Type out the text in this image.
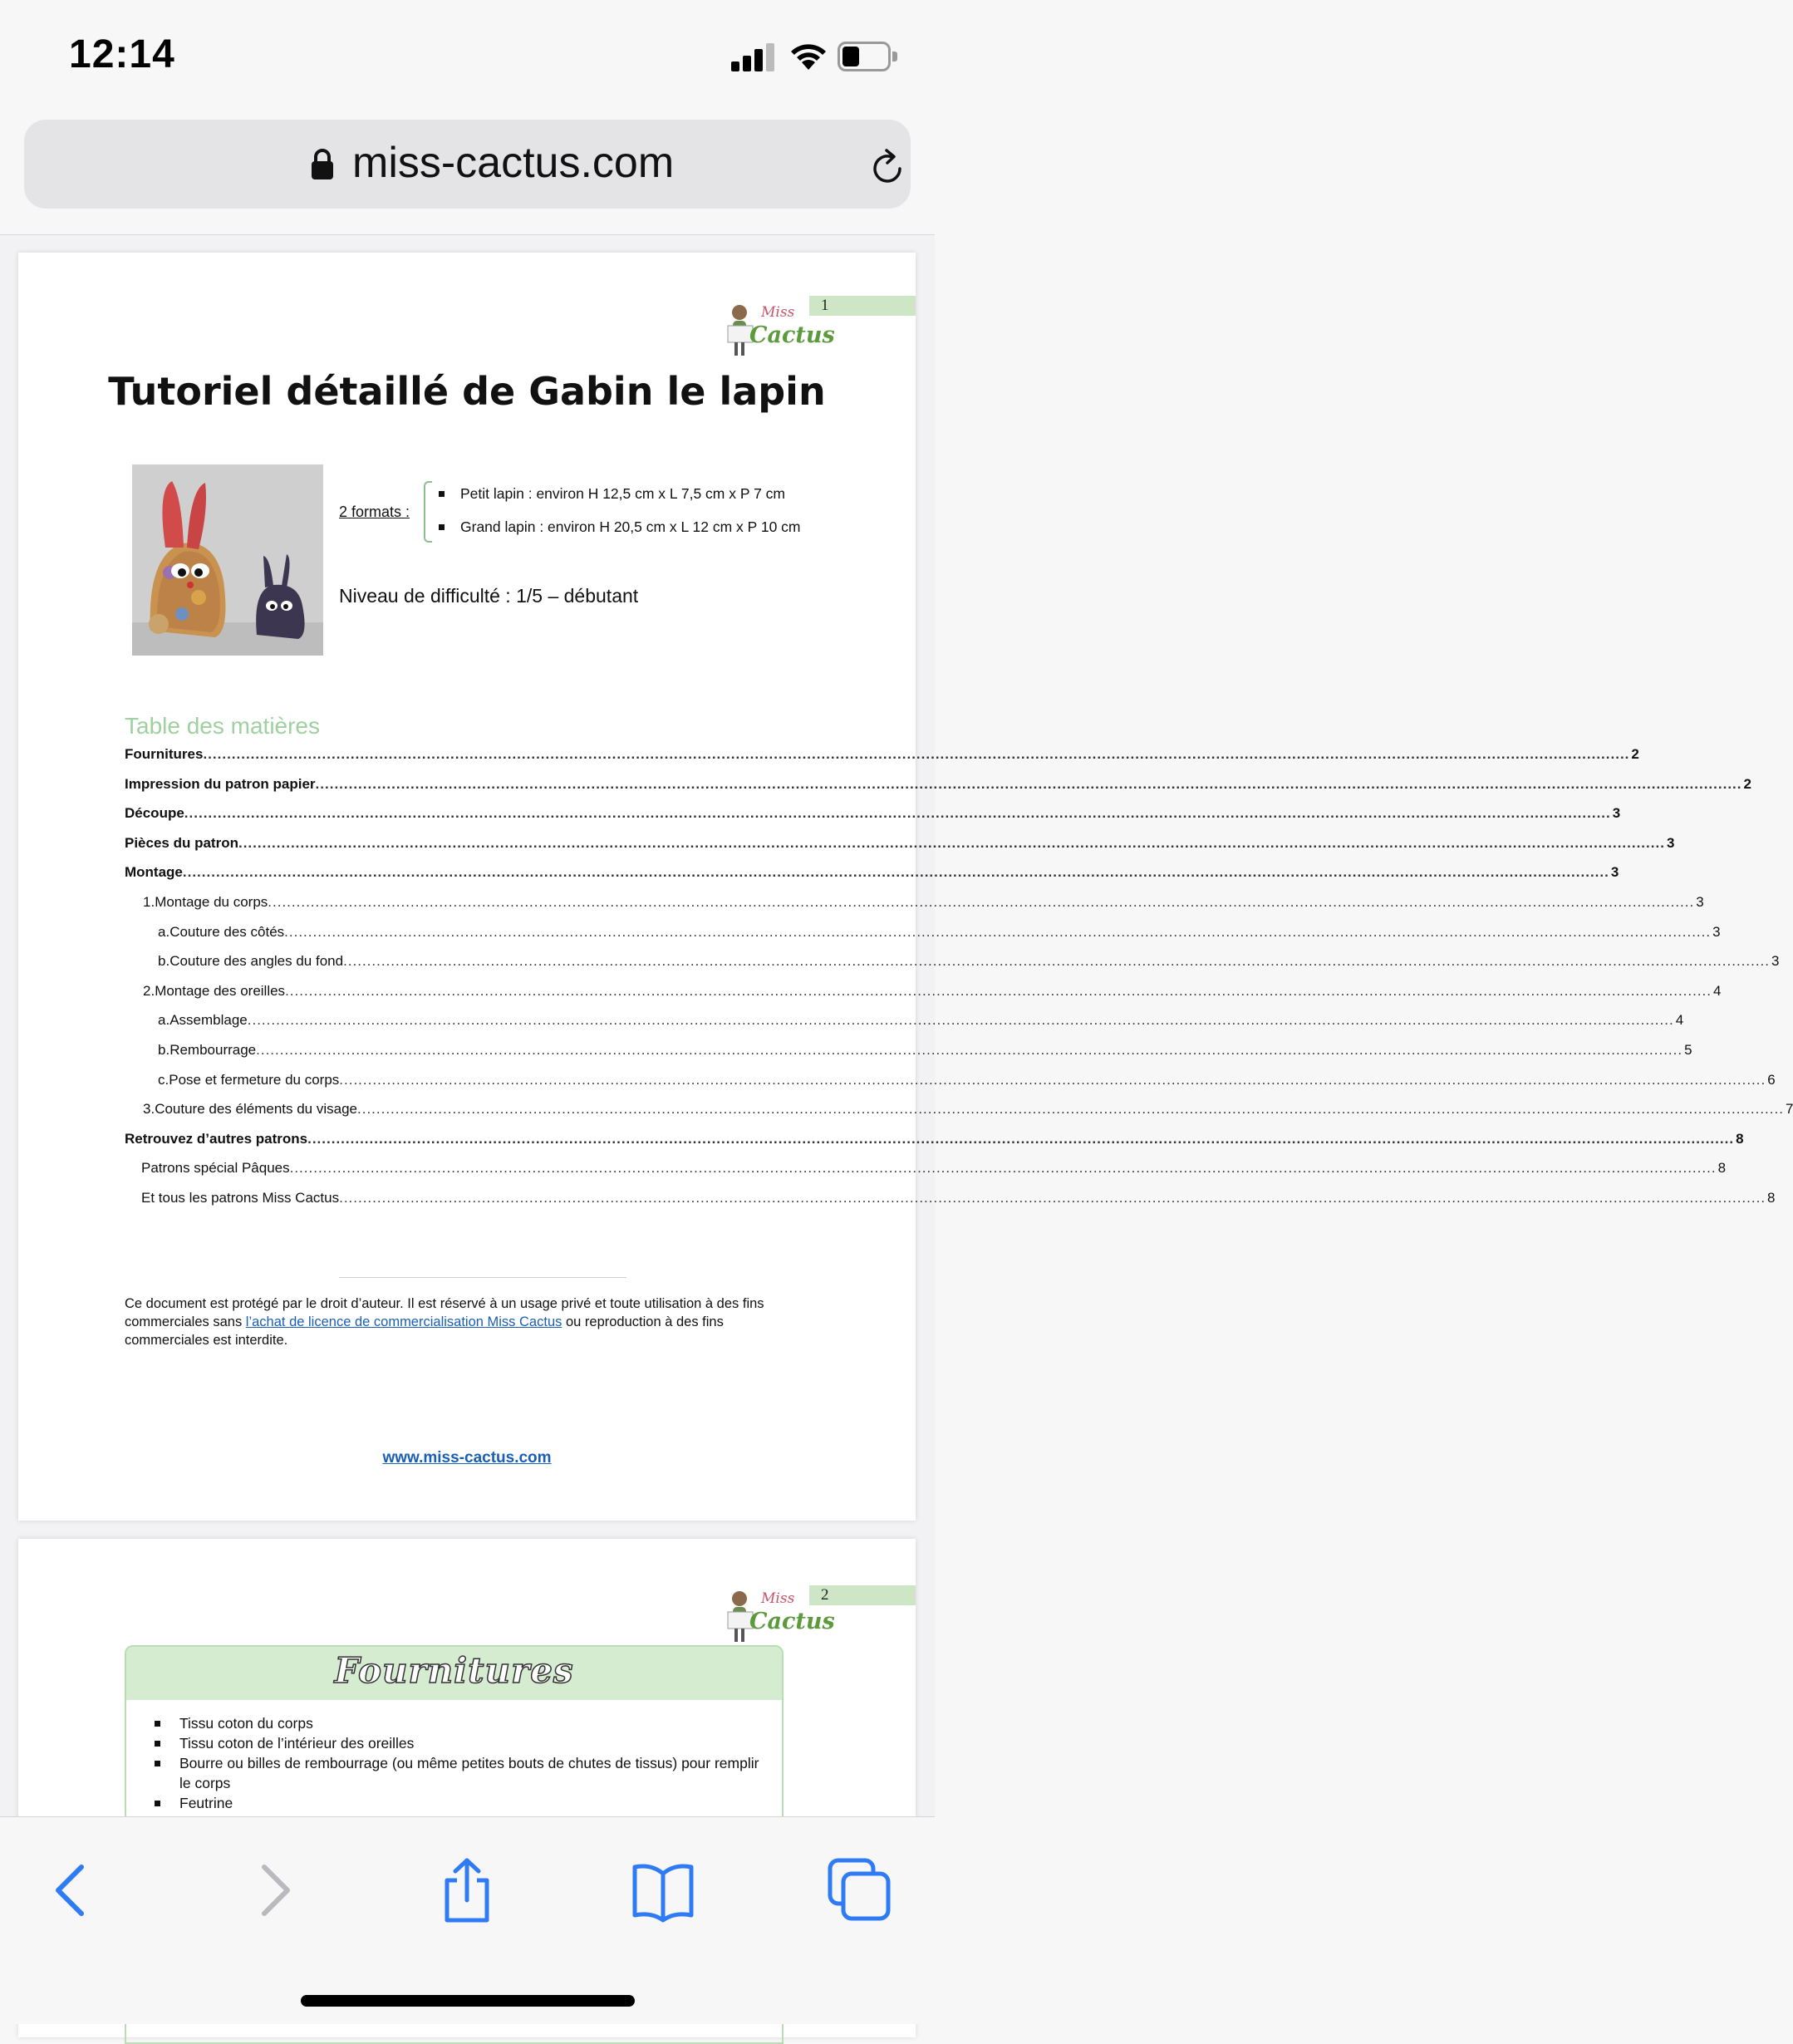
12:14
miss-cactus.com
1
Miss
Cactus
Tutoriel détaillé de Gabin le lapin
2 formats :
Petit lapin : environ H 12,5 cm x L 7,5 cm x P 7 cm
Grand lapin : environ H 20,5 cm x L 12 cm x P 10 cm
Niveau de difficulté : 1/5 – débutant
Table des matières
Fournitures ............................................................................................................................................................................................................................................................................................................ 2
Impression du patron papier ............................................................................................................................................................................................................................................................................................................ 2
Découpe ............................................................................................................................................................................................................................................................................................................ 3
Pièces du patron ............................................................................................................................................................................................................................................................................................................ 3
Montage ............................................................................................................................................................................................................................................................................................................ 3
1. Montage du corps ............................................................................................................................................................................................................................................................................................................ 3
a. Couture des côtés ............................................................................................................................................................................................................................................................................................................ 3
b. Couture des angles du fond ............................................................................................................................................................................................................................................................................................................ 3
2. Montage des oreilles ............................................................................................................................................................................................................................................................................................................ 4
a. Assemblage ............................................................................................................................................................................................................................................................................................................ 4
b. Rembourrage ............................................................................................................................................................................................................................................................................................................ 5
c. Pose et fermeture du corps ............................................................................................................................................................................................................................................................................................................ 6
3. Couture des éléments du visage ............................................................................................................................................................................................................................................................................................................ 7
Retrouvez d’autres patrons ............................................................................................................................................................................................................................................................................................................ 8
Patrons spécial Pâques ............................................................................................................................................................................................................................................................................................................ 8
Et tous les patrons Miss Cactus ............................................................................................................................................................................................................................................................................................................ 8
Ce document est protégé par le droit d’auteur. Il est réservé à un usage privé et toute utilisation à des fins commerciales sans l’achat de licence de commercialisation Miss Cactus ou reproduction à des fins commerciales est interdite.
www.miss-cactus.com
2
Miss
Cactus
Fournitures
Tissu coton du corps
Tissu coton de l’intérieur des oreilles
Bourre ou billes de rembourrage (ou même petites bouts de chutes de tissus) pour remplir le corps
Feutrine
